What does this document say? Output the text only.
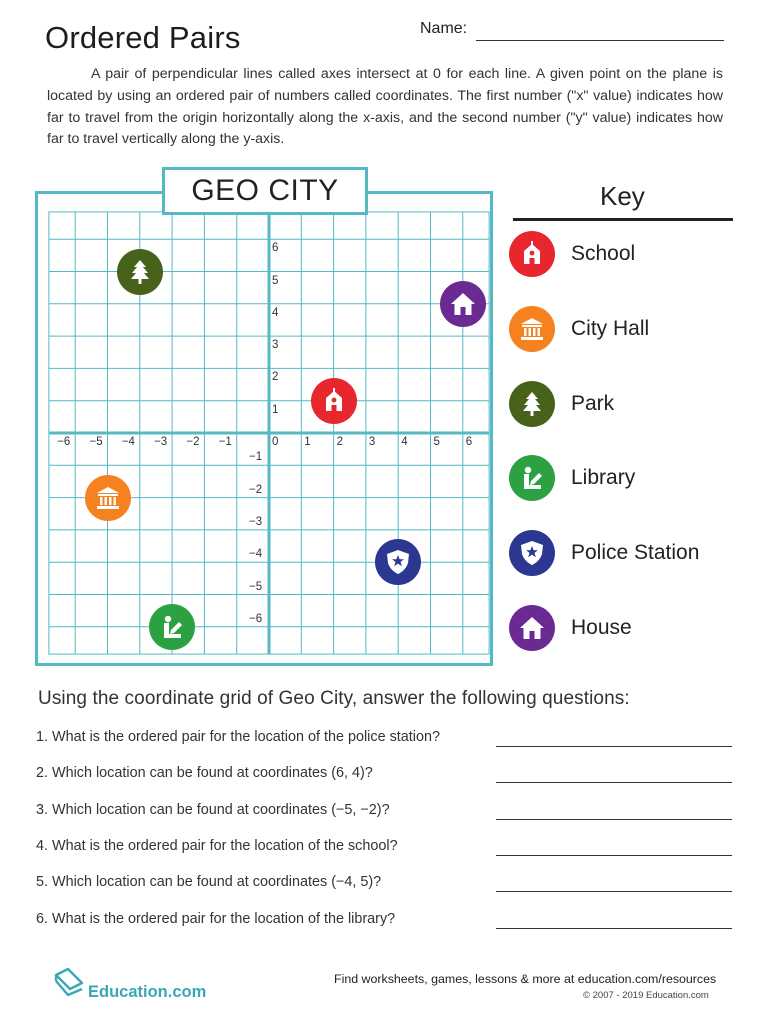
Ordered Pairs	Name:
A pair of perpendicular lines called axes intersect at 0 for each line. A given point on the plane is located by using an ordered pair of numbers called coordinates. The first number ("x" value) indicates how far to travel from the origin horizontally along the x-axis, and the second number ("y" value) indicates how far to travel vertically along the y-axis.
−6 −5 −4 −3 −2 −1	0 1 2 3 4 5 6
6
5
4
3
2
1
−1
−2
−3
−4
−5
−6
GEO CITY	Key
School
City Hall
Park
Library
Police Station
House
Using the coordinate grid of Geo City, answer the following questions:
1. What is the ordered pair for the location of the police station?
2. Which location can be found at coordinates (6, 4)?
3. Which location can be found at coordinates (−5, −2)?
4. What is the ordered pair for the location of the school?
5. Which location can be found at coordinates (−4, 5)?
6. What is the ordered pair for the location of the library?
Education.com
Find worksheets, games, lessons & more at education.com/resources
© 2007 - 2019 Education.com
